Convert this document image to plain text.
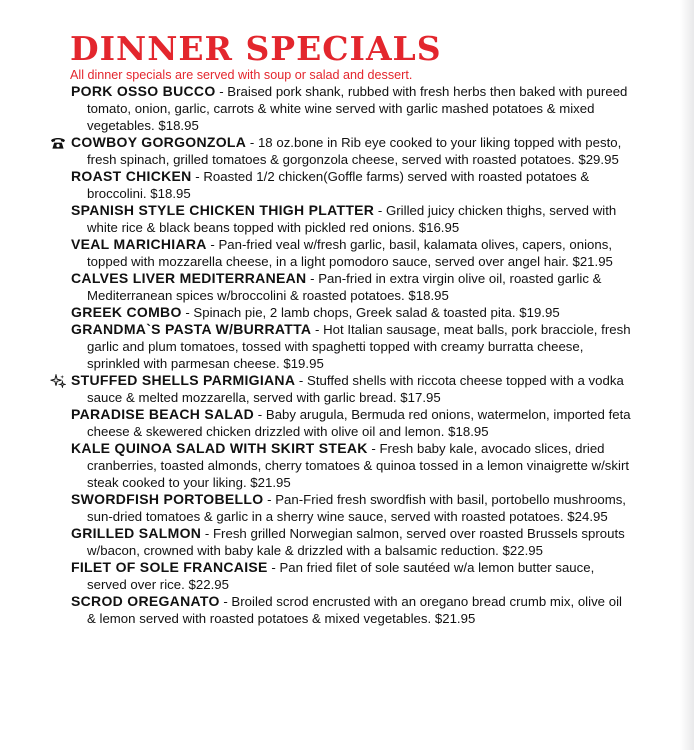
DINNER SPECIALS
All dinner specials are served with soup or salad and dessert.
PORK OSSO BUCCO - Braised pork shank, rubbed with fresh herbs then baked with pureed tomato, onion, garlic, carrots & white wine served with garlic mashed potatoes & mixed vegetables. $18.95
COWBOY GORGONZOLA - 18 oz.bone in Rib eye cooked to your liking topped with pesto, fresh spinach, grilled tomatoes & gorgonzola cheese, served with roasted potatoes. $29.95
ROAST CHICKEN - Roasted 1/2 chicken(Goffle farms) served with roasted potatoes & broccolini. $18.95
SPANISH STYLE CHICKEN THIGH PLATTER - Grilled juicy chicken thighs, served with white rice & black beans topped with pickled red onions. $16.95
VEAL MARICHIARA - Pan-fried veal w/fresh garlic, basil, kalamata olives, capers, onions, topped with mozzarella cheese, in a light pomodoro sauce, served over angel hair. $21.95
CALVES LIVER MEDITERRANEAN - Pan-fried in extra virgin olive oil, roasted garlic & Mediterranean spices w/broccolini & roasted potatoes. $18.95
GREEK COMBO - Spinach pie, 2 lamb chops, Greek salad & toasted pita. $19.95
GRANDMA`S PASTA W/BURRATTA - Hot Italian sausage, meat balls, pork bracciole, fresh garlic and plum tomatoes, tossed with spaghetti topped with creamy burratta cheese, sprinkled with parmesan cheese. $19.95
STUFFED SHELLS PARMIGIANA - Stuffed shells with riccota cheese topped with a vodka sauce & melted mozzarella, served with garlic bread. $17.95
PARADISE BEACH SALAD - Baby arugula, Bermuda red onions, watermelon, imported feta cheese & skewered chicken drizzled with olive oil and lemon. $18.95
KALE QUINOA SALAD WITH SKIRT STEAK - Fresh baby kale, avocado slices, dried cranberries, toasted almonds, cherry tomatoes & quinoa tossed in a lemon vinaigrette w/skirt steak cooked to your liking. $21.95
SWORDFISH PORTOBELLO - Pan-Fried fresh swordfish with basil, portobello mushrooms, sun-dried tomatoes & garlic in a sherry wine sauce, served with roasted potatoes. $24.95
GRILLED SALMON - Fresh grilled Norwegian salmon, served over roasted Brussels sprouts w/bacon, crowned with baby kale & drizzled with a balsamic reduction. $22.95
FILET OF SOLE FRANCAISE - Pan fried filet of sole sautéed w/a lemon butter sauce, served over rice. $22.95
SCROD OREGANATO - Broiled scrod encrusted with an oregano bread crumb mix, olive oil & lemon served with roasted potatoes & mixed vegetables. $21.95
